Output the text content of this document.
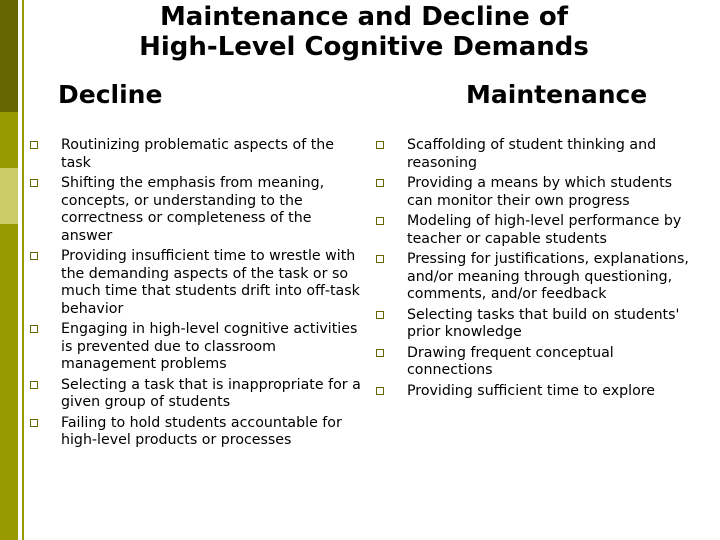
Maintenance and Decline of
High-Level Cognitive Demands
Decline	Maintenance
Routinizing problematic aspects of the task
Shifting the emphasis from meaning, concepts, or understanding to the correctness or completeness of the answer
Providing insufficient time to wrestle with the demanding aspects of the task or so much time that students drift into off-task behavior
Engaging in high-level cognitive activities is prevented due to classroom management problems
Selecting a task that is inappropriate for a given group of students
Failing to hold students accountable for high-level products or processes
Scaffolding of student thinking and reasoning
Providing a means by which students can monitor their own progress
Modeling of high-level performance by teacher or capable students
Pressing for justifications, explanations, and/or meaning through questioning, comments, and/or feedback
Selecting tasks that build on students' prior knowledge
Drawing frequent conceptual connections
Providing sufficient time to explore
